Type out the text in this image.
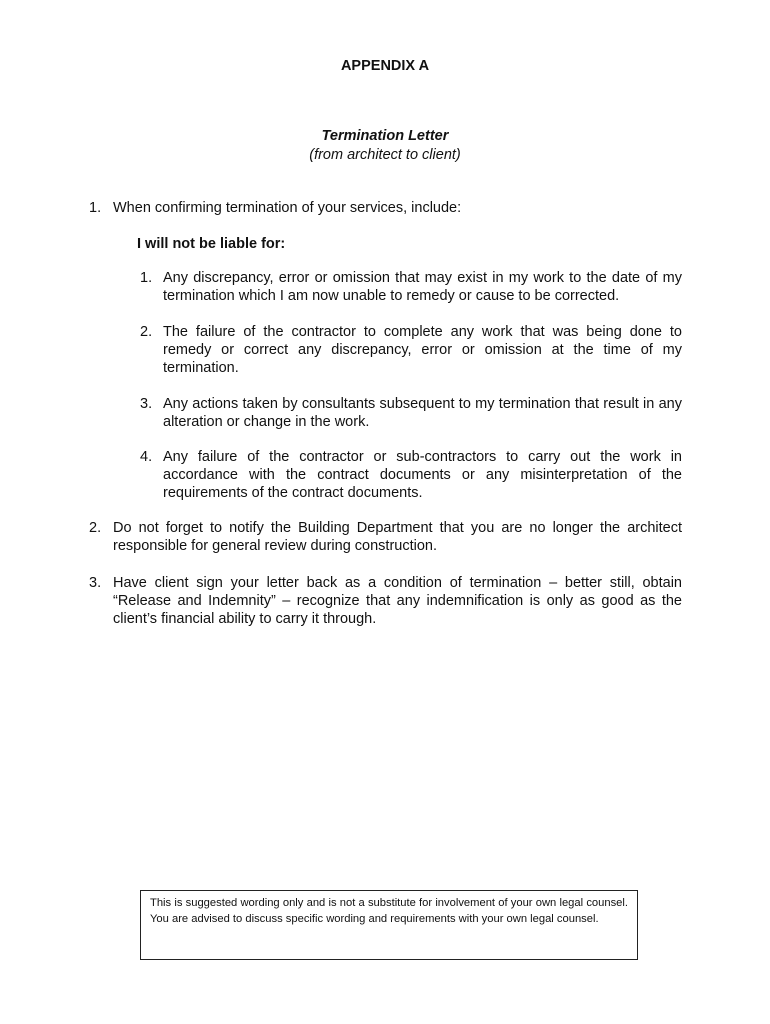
APPENDIX A
Termination Letter

(from architect to client)

1. When confirming termination of your services, include:

I will not be liable for:

1. Any discrepancy, error or omission that may exist in my work to the date of my termination which I am now unable to remedy or cause to be corrected.
2. The failure of the contractor to complete any work that was being done to remedy or correct any discrepancy, error or omission at the time of my termination.
3. Any actions taken by consultants subsequent to my termination that result in any alteration or change in the work.
4. Any failure of the contractor or sub-contractors to carry out the work in accordance with the contract documents or any misinterpretation of the requirements of the contract documents.
2. Do not forget to notify the Building Department that you are no longer the architect responsible for general review during construction.
3. Have client sign your letter back as a condition of termination – better still, obtain “Release and Indemnity” – recognize that any indemnification is only as good as the client’s financial ability to carry it through.
This is suggested wording only and is not a substitute for involvement of your own legal counsel. You are advised to discuss specific wording and requirements with your own legal counsel.
